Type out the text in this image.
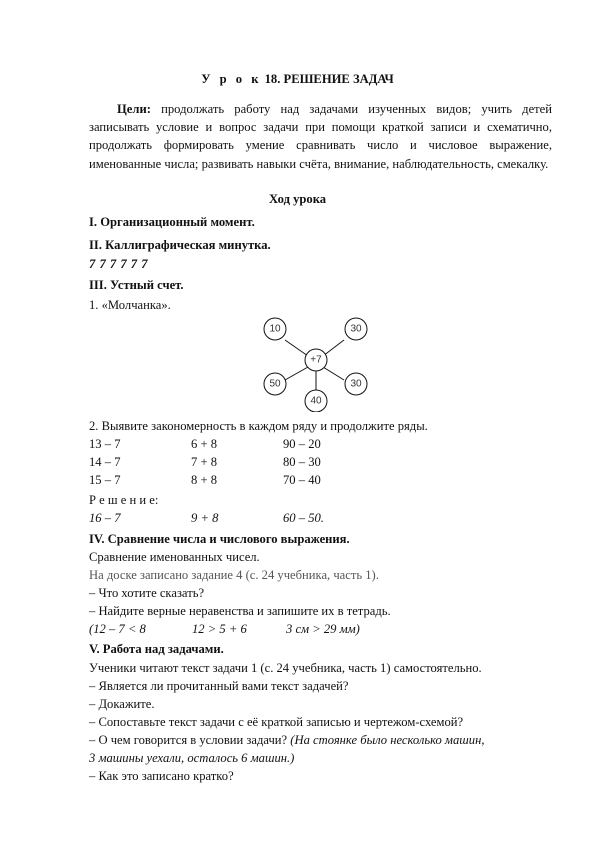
У р о к 18. РЕШЕНИЕ ЗАДАЧ
Цели: продолжать работу над задачами изученных видов; учить детей записывать условие и вопрос задачи при помощи краткой записи и схематично, продолжать формировать умение сравнивать число и числовое выражение, именованные числа; развивать навыки счёта, внимание, наблюдательность, смекалку.
Ход урока
I. Организационный момент.
II. Каллиграфическая минутка.
7 7 7 7 7 7
III. Устный счет.
1. «Молчанка».
+7
10	30
50	30
40
2. Выявите закономерность в каждом ряду и продолжите ряды.
13 – 7	6 + 8	90 – 20
14 – 7	7 + 8	80 – 30
15 – 7	8 + 8	70 – 40
Р е ш е н и е:
16 – 7	9 + 8	60 – 50.
IV. Сравнение числа и числового выражения.
Сравнение именованных чисел.
На доске записано задание 4 (с. 24 учебника, часть 1).
– Что хотите сказать?
– Найдите верные неравенства и запишите их в тетрадь.
(12 – 7 < 8	12 > 5 + 6	3 см > 29 мм)
V. Работа над задачами.
Ученики читают текст задачи 1 (с. 24 учебника, часть 1) самостоятельно.
– Является ли прочитанный вами текст задачей?
– Докажите.
– Сопоставьте текст задачи с её краткой записью и чертежом-схемой?
– О чем говорится в условии задачи? (На стоянке было несколько машин,
3 машины уехали, осталось 6 машин.)
– Как это записано кратко?
